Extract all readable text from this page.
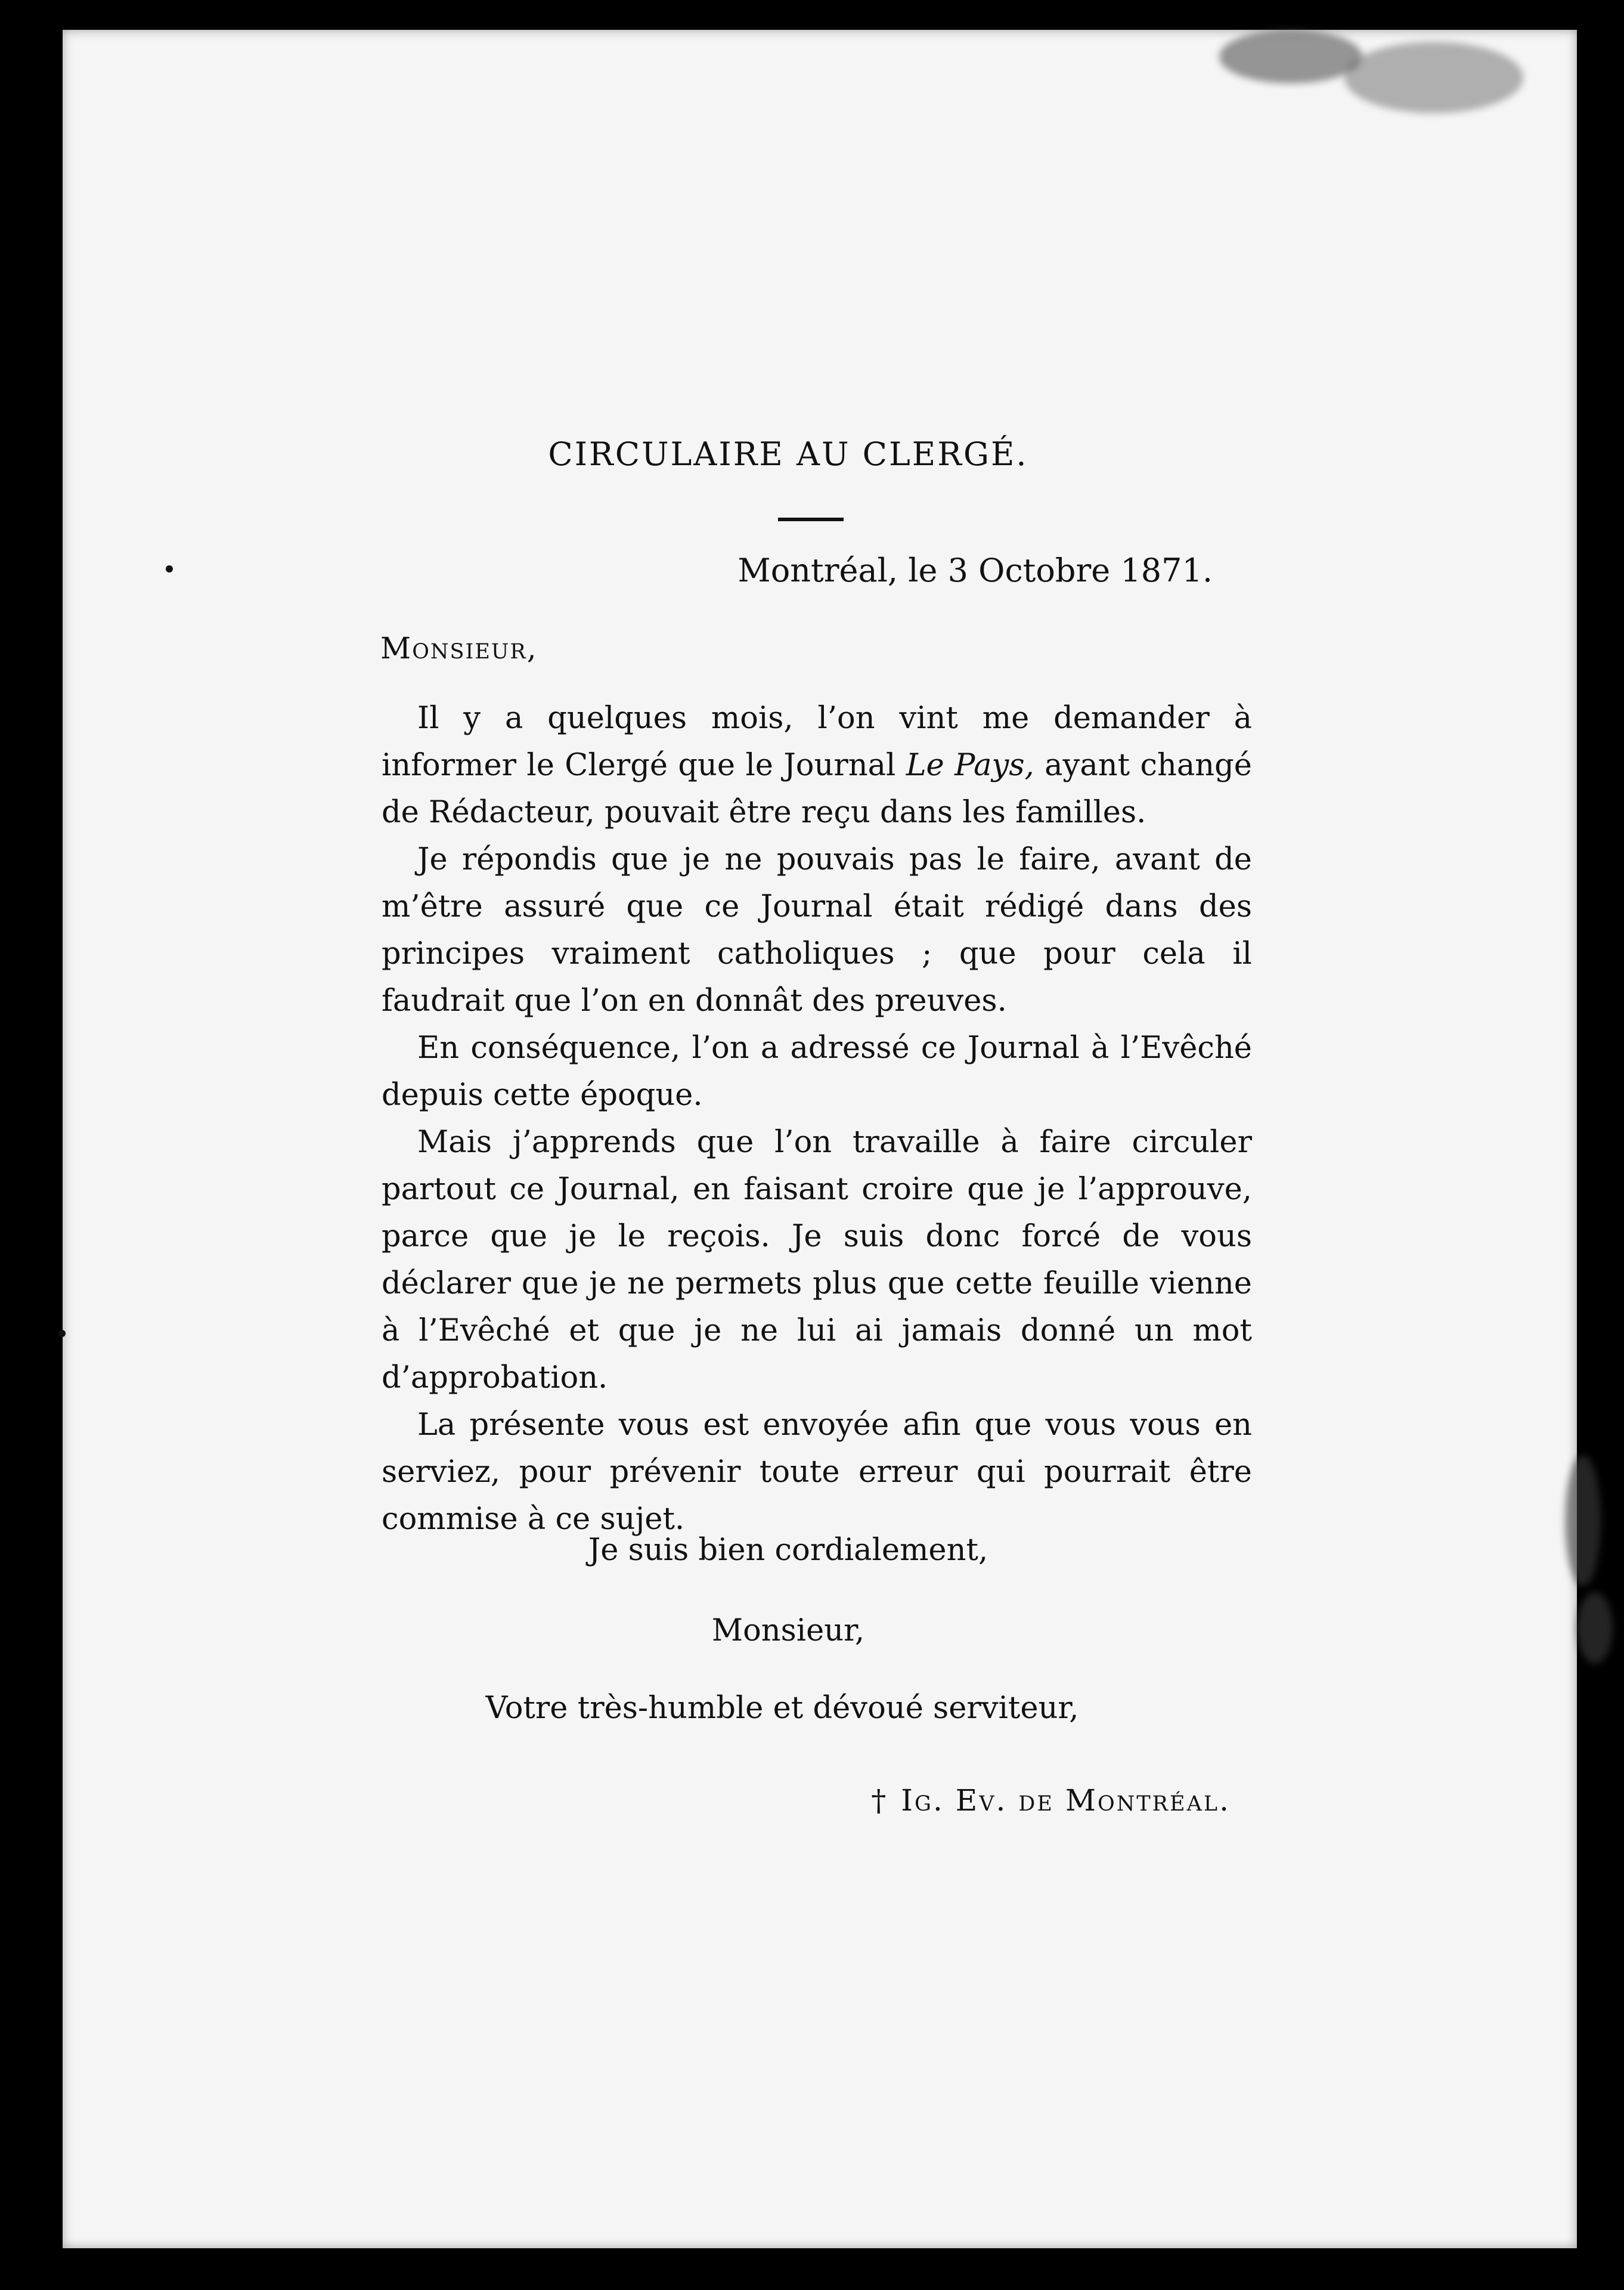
CIRCULAIRE AU CLERGÉ.
Montréal, le 3 Octobre 1871.
Monsieur,

Il y a quelques mois, l’on vint me demander à informer le Clergé que le Journal Le Pays, ayant changé de Rédacteur, pouvait être reçu dans les familles.

Je répondis que je ne pouvais pas le faire, avant de m’être assuré que ce Journal était rédigé dans des principes vraiment catholiques ; que pour cela il faudrait que l’on en donnât des preuves.

En conséquence, l’on a adressé ce Journal à l’Evêché depuis cette époque.

Mais j’apprends que l’on travaille à faire circuler partout ce Journal, en faisant croire que je l’approuve, parce que je le reçois. Je suis donc forcé de vous déclarer que je ne permets plus que cette feuille vienne à l’Evêché et que je ne lui ai jamais donné un mot d’approbation.

La présente vous est envoyée afin que vous vous en serviez, pour prévenir toute erreur qui pourrait être commise à ce sujet.

Je suis bien cordialement,
Monsieur,
Votre très-humble et dévoué serviteur,
† Ig. Ev. de Montréal.
